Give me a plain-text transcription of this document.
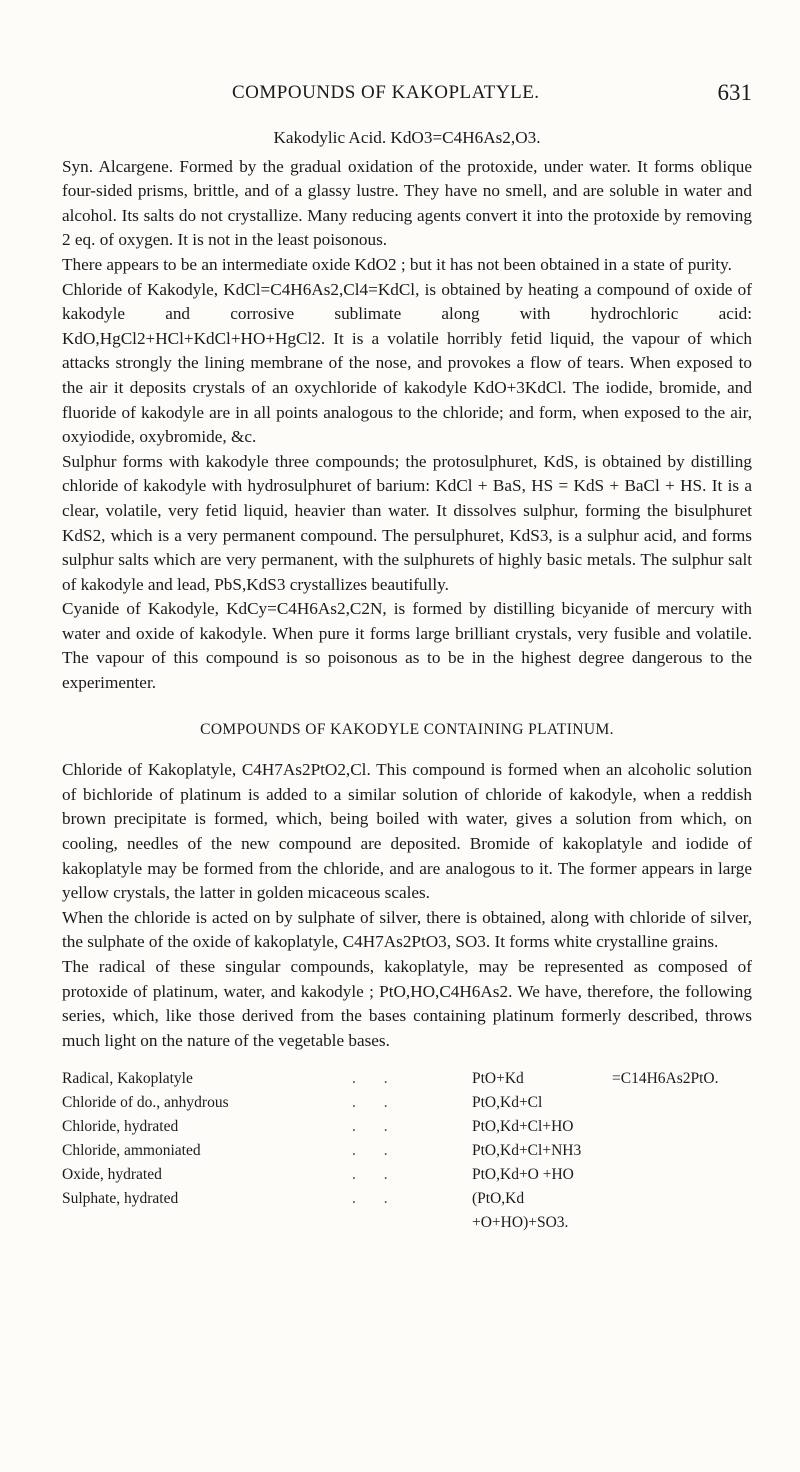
COMPOUNDS OF KAKOPLATYLE.	631
Kakodylic Acid. KdO3=C4H6As2,O3.

Syn. Alcargene. Formed by the gradual oxidation of the protoxide, under water. It forms oblique four-sided prisms, brittle, and of a glassy lustre. They have no smell, and are soluble in water and alcohol. Its salts do not crystallize. Many reducing agents convert it into the protoxide by removing 2 eq. of oxygen. It is not in the least poisonous.

There appears to be an intermediate oxide KdO2 ; but it has not been obtained in a state of purity.

Chloride of Kakodyle, KdCl=C4H6As2,Cl4=KdCl, is obtained by heating a compound of oxide of kakodyle and corrosive sublimate along with hydrochloric acid: KdO,HgCl2+HCl+KdCl+HO+HgCl2. It is a volatile horribly fetid liquid, the vapour of which attacks strongly the lining membrane of the nose, and provokes a flow of tears. When exposed to the air it deposits crystals of an oxychloride of kakodyle KdO+3KdCl. The iodide, bromide, and fluoride of kakodyle are in all points analogous to the chloride; and form, when exposed to the air, oxyiodide, oxybromide, &c.

Sulphur forms with kakodyle three compounds; the protosulphuret, KdS, is obtained by distilling chloride of kakodyle with hydrosulphuret of barium: KdCl + BaS, HS = KdS + BaCl + HS. It is a clear, volatile, very fetid liquid, heavier than water. It dissolves sulphur, forming the bisulphuret KdS2, which is a very permanent compound. The persulphuret, KdS3, is a sulphur acid, and forms sulphur salts which are very permanent, with the sulphurets of highly basic metals. The sulphur salt of kakodyle and lead, PbS,KdS3 crystallizes beautifully.

Cyanide of Kakodyle, KdCy=C4H6As2,C2N, is formed by distilling bicyanide of mercury with water and oxide of kakodyle. When pure it forms large brilliant crystals, very fusible and volatile. The vapour of this compound is so poisonous as to be in the highest degree dangerous to the experimenter.

COMPOUNDS OF KAKODYLE CONTAINING PLATINUM.

Chloride of Kakoplatyle, C4H7As2PtO2,Cl. This compound is formed when an alcoholic solution of bichloride of platinum is added to a similar solution of chloride of kakodyle, when a reddish brown precipitate is formed, which, being boiled with water, gives a solution from which, on cooling, needles of the new compound are deposited. Bromide of kakoplatyle and iodide of kakoplatyle may be formed from the chloride, and are analogous to it. The former appears in large yellow crystals, the latter in golden micaceous scales.

When the chloride is acted on by sulphate of silver, there is obtained, along with chloride of silver, the sulphate of the oxide of kakoplatyle, C4H7As2PtO3, SO3. It forms white crystalline grains.

The radical of these singular compounds, kakoplatyle, may be represented as composed of protoxide of platinum, water, and kakodyle ; PtO,HO,C4H6As2. We have, therefore, the following series, which, like those derived from the bases containing platinum formerly described, throws much light on the nature of the vegetable bases.

Radical, Kakoplatyle	. .	PtO+Kd	=C14H6As2PtO.
Chloride of do., anhydrous	. .	PtO,Kd+Cl
Chloride, hydrated	. .	PtO,Kd+Cl+HO
Chloride, ammoniated	. .	PtO,Kd+Cl+NH3
Oxide, hydrated	. .	PtO,Kd+O +HO
Sulphate, hydrated	. .	(PtO,Kd +O+HO)+SO3.
